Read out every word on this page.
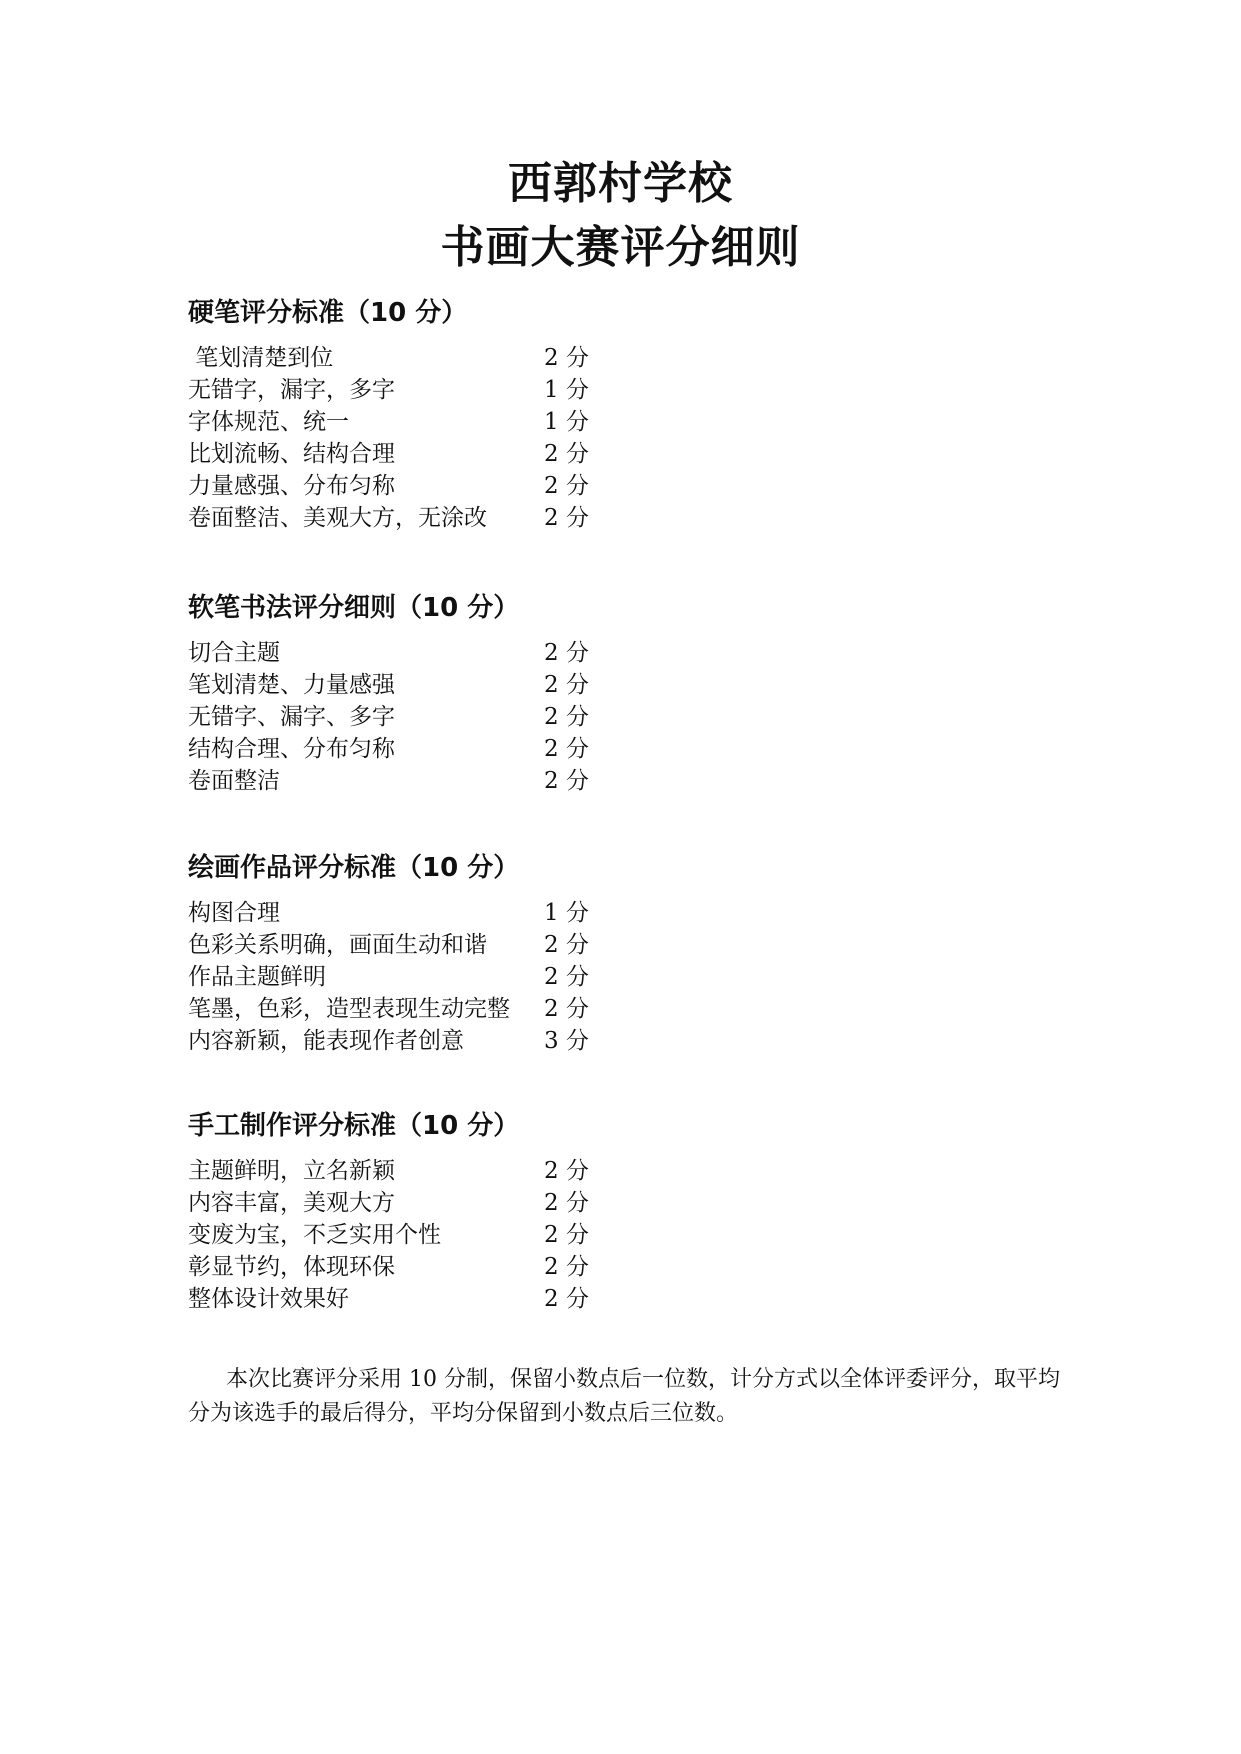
西郭村学校
书画大赛评分细则
硬笔评分标准（10 分）
笔划清楚到位	2 分
无错字，漏字，多字	1 分
字体规范、统一	1 分
比划流畅、结构合理	2 分
力量感强、分布匀称	2 分
卷面整洁、美观大方，无涂改 2 分
软笔书法评分细则（10 分）
切合主题	2 分
笔划清楚、力量感强	2 分
无错字、漏字、多字	2 分
结构合理、分布匀称	2 分
卷面整洁	2 分
绘画作品评分标准（10 分）
构图合理	1 分
色彩关系明确，画面生动和谐 2 分
作品主题鲜明	2 分
笔墨，色彩，造型表现生动完整 2 分
内容新颖，能表现作者创意	3 分
手工制作评分标准（10 分）
主题鲜明，立名新颖	2 分
内容丰富，美观大方	2 分
变废为宝，不乏实用个性	2 分
彰显节约，体现环保	2 分
整体设计效果好	2 分

本次比赛评分采用 10 分制，保留小数点后一位数，计分方式以全体评委评分，取平均分为该选手的最后得分，平均分保留到小数点后三位数。
